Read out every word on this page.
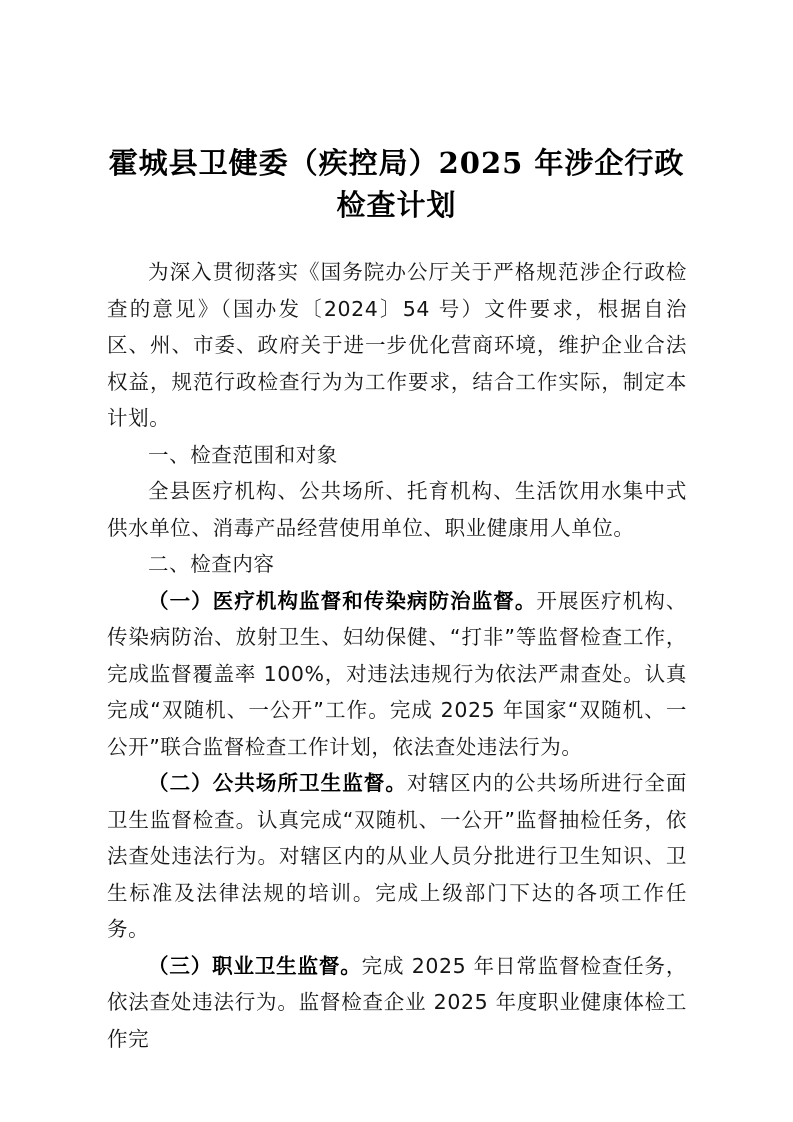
霍城县卫健委（疾控局）2025 年涉企行政
检查计划

为深入贯彻落实《国务院办公厅关于严格规范涉企行政检查的意见》（国办发〔2024〕54 号）文件要求，根据自治区、州、市委、政府关于进一步优化营商环境，维护企业合法权益，规范行政检查行为为工作要求，结合工作实际，制定本计划。

一、检查范围和对象

全县医疗机构、公共场所、托育机构、生活饮用水集中式供水单位、消毒产品经营使用单位、职业健康用人单位。

二、检查内容

（一）医疗机构监督和传染病防治监督。开展医疗机构、传染病防治、放射卫生、妇幼保健、“打非”等监督检查工作，完成监督覆盖率 100%，对违法违规行为依法严肃查处。认真完成“双随机、一公开”工作。完成 2025 年国家“双随机、一公开”联合监督检查工作计划，依法查处违法行为。

（二）公共场所卫生监督。对辖区内的公共场所进行全面卫生监督检查。认真完成“双随机、一公开”监督抽检任务，依法查处违法行为。对辖区内的从业人员分批进行卫生知识、卫生标准及法律法规的培训。完成上级部门下达的各项工作任务。

（三）职业卫生监督。完成 2025 年日常监督检查任务，依法查处违法行为。监督检查企业 2025 年度职业健康体检工作完
